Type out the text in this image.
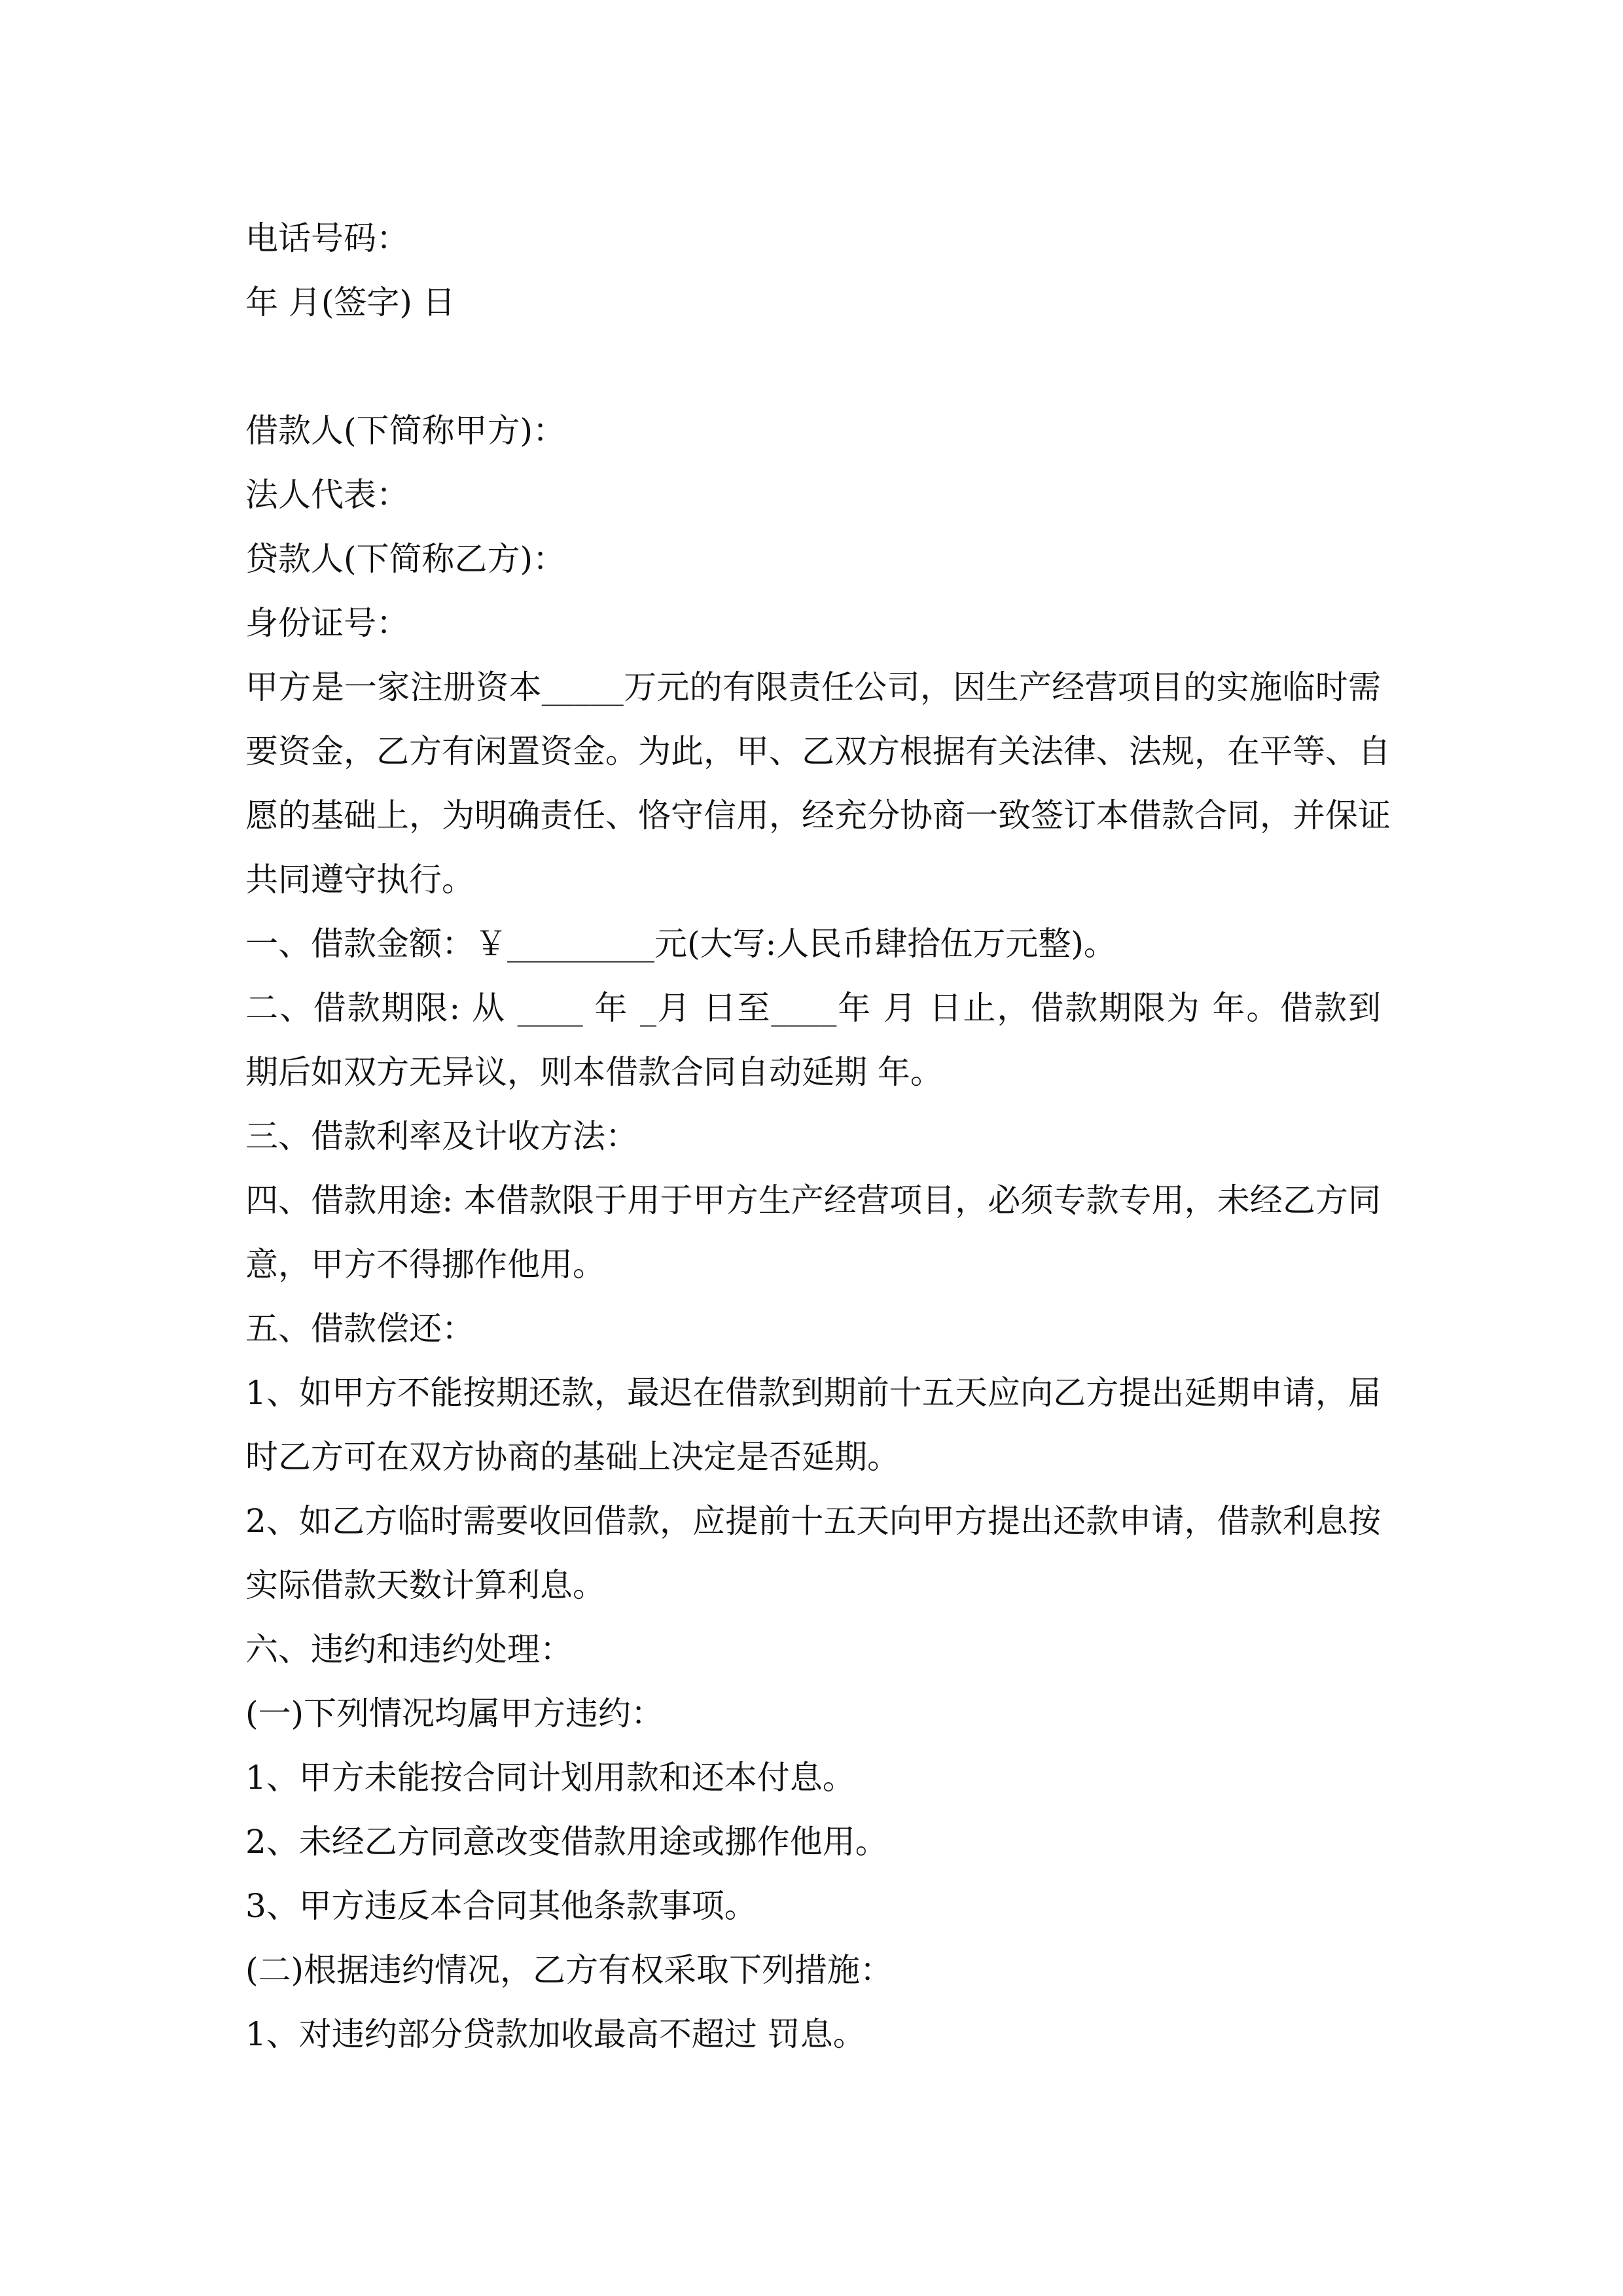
电话号码：
年 月(签字) 日
借款人(下简称甲方)：
法人代表：
贷款人(下简称乙方)：
身份证号：
甲方是一家注册资本_____万元的有限责任公司，因生产经营项目的实施临时需
要资金，乙方有闲置资金。为此，甲、乙双方根据有关法律、法规，在平等、自
愿的基础上，为明确责任、恪守信用，经充分协商一致签订本借款合同，并保证
共同遵守执行。
一、借款金额：￥_________元(大写:人民币肆拾伍万元整)。
二、借款期限: 从 ____ 年 _月 日至____年 月 日止，借款期限为 年。借款到
期后如双方无异议，则本借款合同自动延期 年。
三、借款利率及计收方法：
四、借款用途: 本借款限于用于甲方生产经营项目，必须专款专用，未经乙方同
意，甲方不得挪作他用。
五、借款偿还：
1、如甲方不能按期还款，最迟在借款到期前十五天应向乙方提出延期申请，届
时乙方可在双方协商的基础上决定是否延期。
2、如乙方临时需要收回借款，应提前十五天向甲方提出还款申请，借款利息按
实际借款天数计算利息。
六、违约和违约处理：
(一)下列情况均属甲方违约：
1、甲方未能按合同计划用款和还本付息。
2、未经乙方同意改变借款用途或挪作他用。
3、甲方违反本合同其他条款事项。
(二)根据违约情况，乙方有权采取下列措施：
1、对违约部分贷款加收最高不超过 罚息。
